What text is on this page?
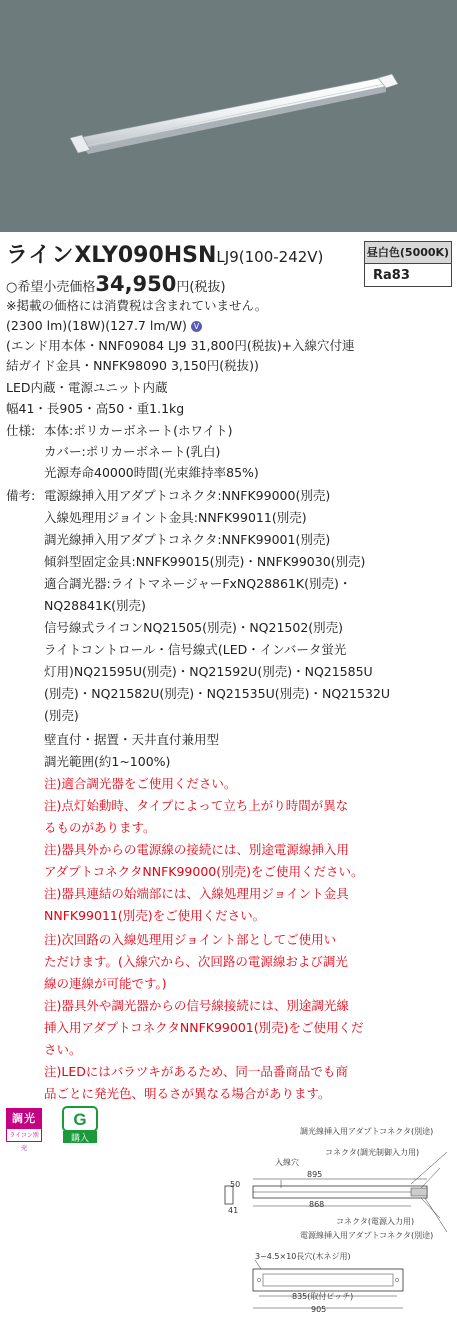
ラインXLY090HSNLJ9(100-242V)	昼白色(5000K)
Ra83
○希望小売価格34,950円(税抜)
※掲載の価格には消費税は含まれていません。
(2300 lm)(18W)(127.7 lm/W) V
(エンド用本体・NNF09084 LJ9 31,800円(税抜)+入線穴付連
結ガイド金具・NNFK98090 3,150円(税抜))
LED内蔵・電源ユニット内蔵
幅41・長905・高50・重1.1kg
仕様: 本体:ポリカーボネート(ホワイト)
カバー:ポリカーボネート(乳白)
光源寿命40000時間(光束維持率85%)
備考: 電源線挿入用アダプトコネクタ:NNFK99000(別売)
入線処理用ジョイント金具:NNFK99011(別売)
調光線挿入用アダプトコネクタ:NNFK99001(別売)
傾斜型固定金具:NNFK99015(別売)・NNFK99030(別売)
適合調光器:ライトマネージャーFxNQ28861K(別売)・
NQ28841K(別売)
信号線式ライコンNQ21505(別売)・NQ21502(別売)
ライトコントロール・信号線式(LED・インバータ蛍光
灯用)NQ21595U(別売)・NQ21592U(別売)・NQ21585U
(別売)・NQ21582U(別売)・NQ21535U(別売)・NQ21532U
(別売)
壁直付・据置・天井直付兼用型
調光範囲(約1~100%)
注)適合調光器をご使用ください。
注)点灯始動時、タイプによって立ち上がり時間が異な
るものがあります。
注)器具外からの電源線の接続には、別途電源線挿入用
アダプトコネクタNNFK99000(別売)をご使用ください。
注)器具連結の始端部には、入線処理用ジョイント金具
NNFK99011(別売)をご使用ください。
注)次回路の入線処理用ジョイント部としてご使用い
ただけます。(入線穴から、次回路の電源線および調光
線の連線が可能です。)
注)器具外や調光器からの信号線接続には、別途調光線
挿入用アダプトコネクタNNFK99001(別売)をご使用くだ
さい。
注)LEDにはバラツキがあるため、同一品番商品でも商
品ごとに発光色、明るさが異なる場合があります。
調光
ライコン別売
G
購入
調光線挿入用アダプトコネクタ(別途)
コネクタ(調光制御入力用)
入線穴
895
50
41
868
コネクタ(電源入力用)
電源線挿入用アダプトコネクタ(別途)
3~4.5×10長穴(木ネジ用)
835(取付ピッチ)
905
